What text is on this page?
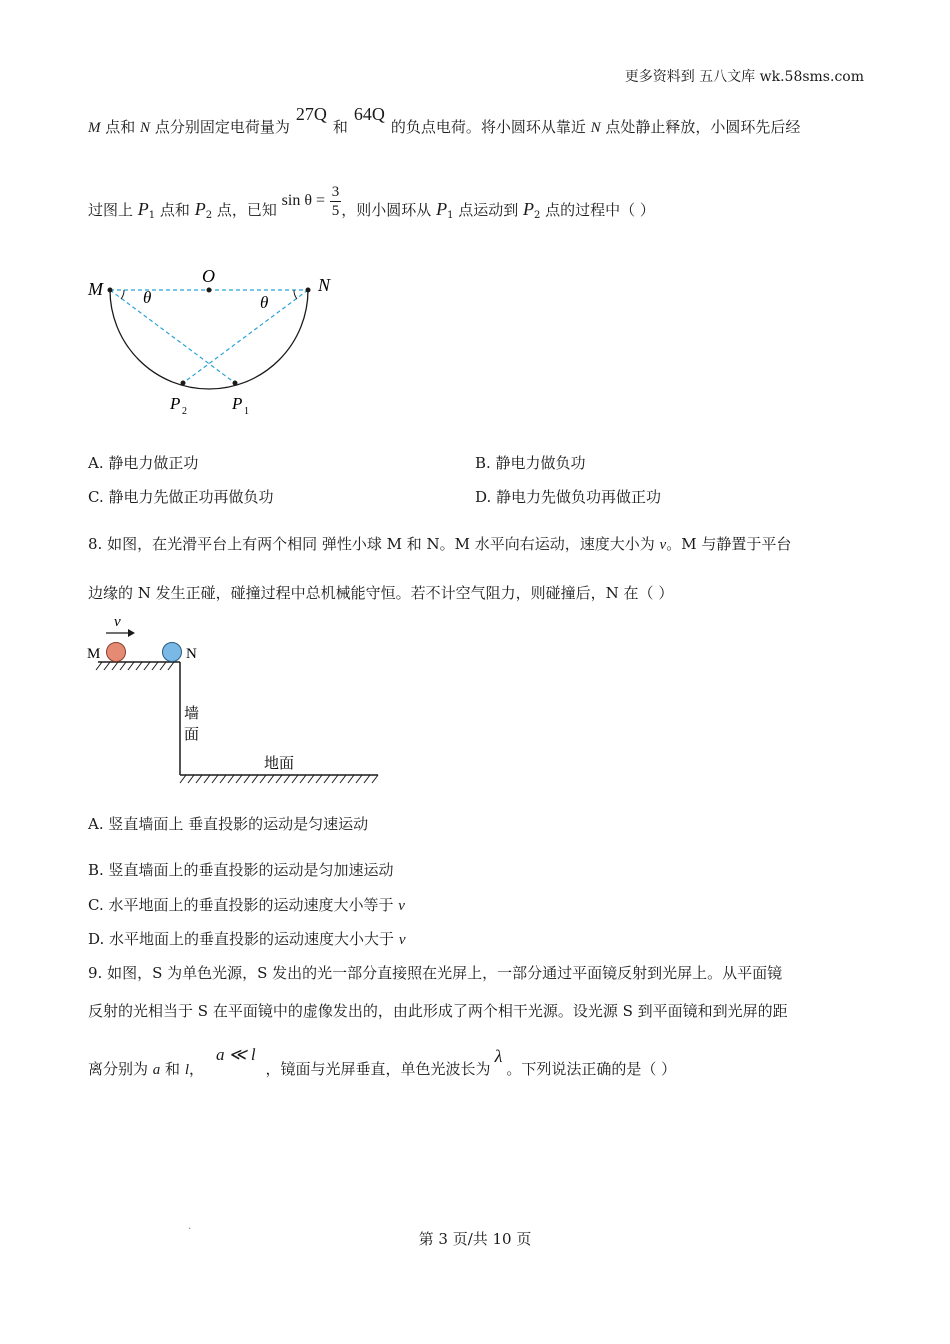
更多资料到 五八文库 wk.58sms.com
M 点和 N 点分别固定电荷量为27Q和64Q的负点电荷。将小圆环从靠近 N 点处静止释放，小圆环先后经
过图上 $P_1$ 点和 $P_2$ 点，已知 $\sin \theta = \frac{3}{5}$ ，则小圆环从 $P_1$ 点运动到 $P_2$ 点的过程中（ ）
M
O	N
θ	θ
P 2	P 1
A. 静电力做正功	B. 静电力做负功
C. 静电力先做正功再做负功	D. 静电力先做负功再做正功
8. 如图，在光滑平台上有两个相同 弹性小球 M 和 N。M 水平向右运动，速度大小为 v。M 与静置于平台
边缘的 N 发生正碰，碰撞过程中总机械能守恒。若不计空气阻力，则碰撞后，N 在（ ）
v
M	N
墙
面
地面
A. 竖直墙面上 垂直投影的运动是匀速运动
B. 竖直墙面上的垂直投影的运动是匀加速运动
C. 水平地面上的垂直投影的运动速度大小等于 v
D. 水平地面上的垂直投影的运动速度大小大于 v
9. 如图，S 为单色光源，S 发出的光一部分直接照在光屏上，一部分通过平面镜反射到光屏上。从平面镜
反射的光相当于 S 在平面镜中的虚像发出的，由此形成了两个相干光源。设光源 S 到平面镜和到光屏的距
离分别为 a 和 l，a ≪ l，镜面与光屏垂直，单色光波长为λ。下列说法正确的是（ ）
.
第 3 页/共 10 页
